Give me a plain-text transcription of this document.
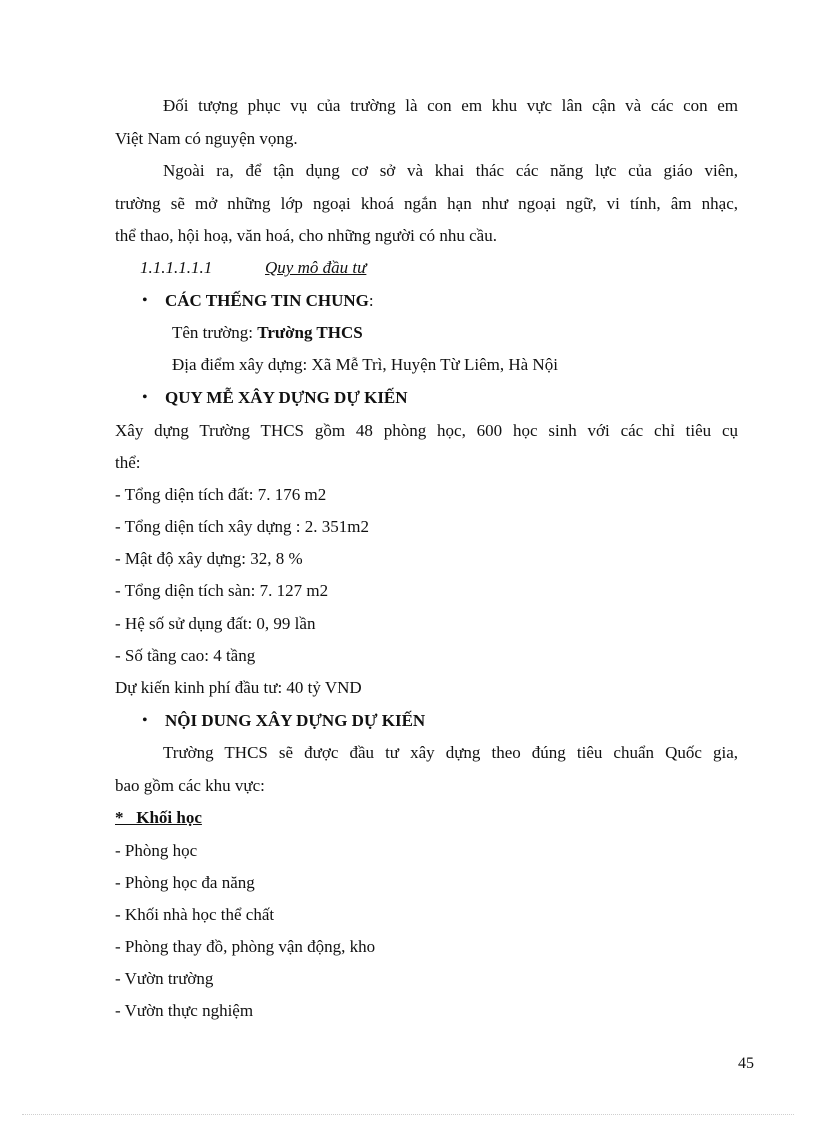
Đối tượng phục vụ của trường là con em khu vực lân cận và các con em
Việt Nam có nguyện vọng.
Ngoài ra, để tận dụng cơ sở và khai thác các năng lực của giáo viên,
trường sẽ mở những lớp ngoại khoá ngắn hạn như ngoại ngữ, vi tính, âm nhạc,
thể thao, hội hoạ, văn hoá, cho những người có nhu cầu.
1.1.1.1.1.1	Quy mô đầu tư
• CÁC THẾNG TIN CHUNG:
Tên trường: Trường THCS
Địa điểm xây dựng: Xã Mễ Trì, Huyện Từ Liêm, Hà Nội
• QUY MỄ XÂY DỰNG DỰ KIẾN
Xây dựng Trường THCS gồm 48 phòng học, 600 học sinh với các chỉ tiêu cụ
thể:
- Tổng diện tích đất: 7. 176 m2
- Tổng diện tích xây dựng : 2. 351m2
- Mật độ xây dựng: 32, 8 %
- Tổng diện tích sàn: 7. 127 m2
- Hệ số sử dụng đất: 0, 99 lần
- Số tầng cao: 4 tầng
Dự kiến kinh phí đầu tư: 40 tỷ VND
• NỘI DUNG XÂY DỰNG DỰ KIẾN
Trường THCS sẽ được đầu tư xây dựng theo đúng tiêu chuẩn Quốc gia,
bao gồm các khu vực:
*   Khối học
- Phòng học
- Phòng học đa năng
- Khối nhà học thể chất
- Phòng thay đồ, phòng vận động, kho
- Vườn trường
- Vườn thực nghiệm
45
